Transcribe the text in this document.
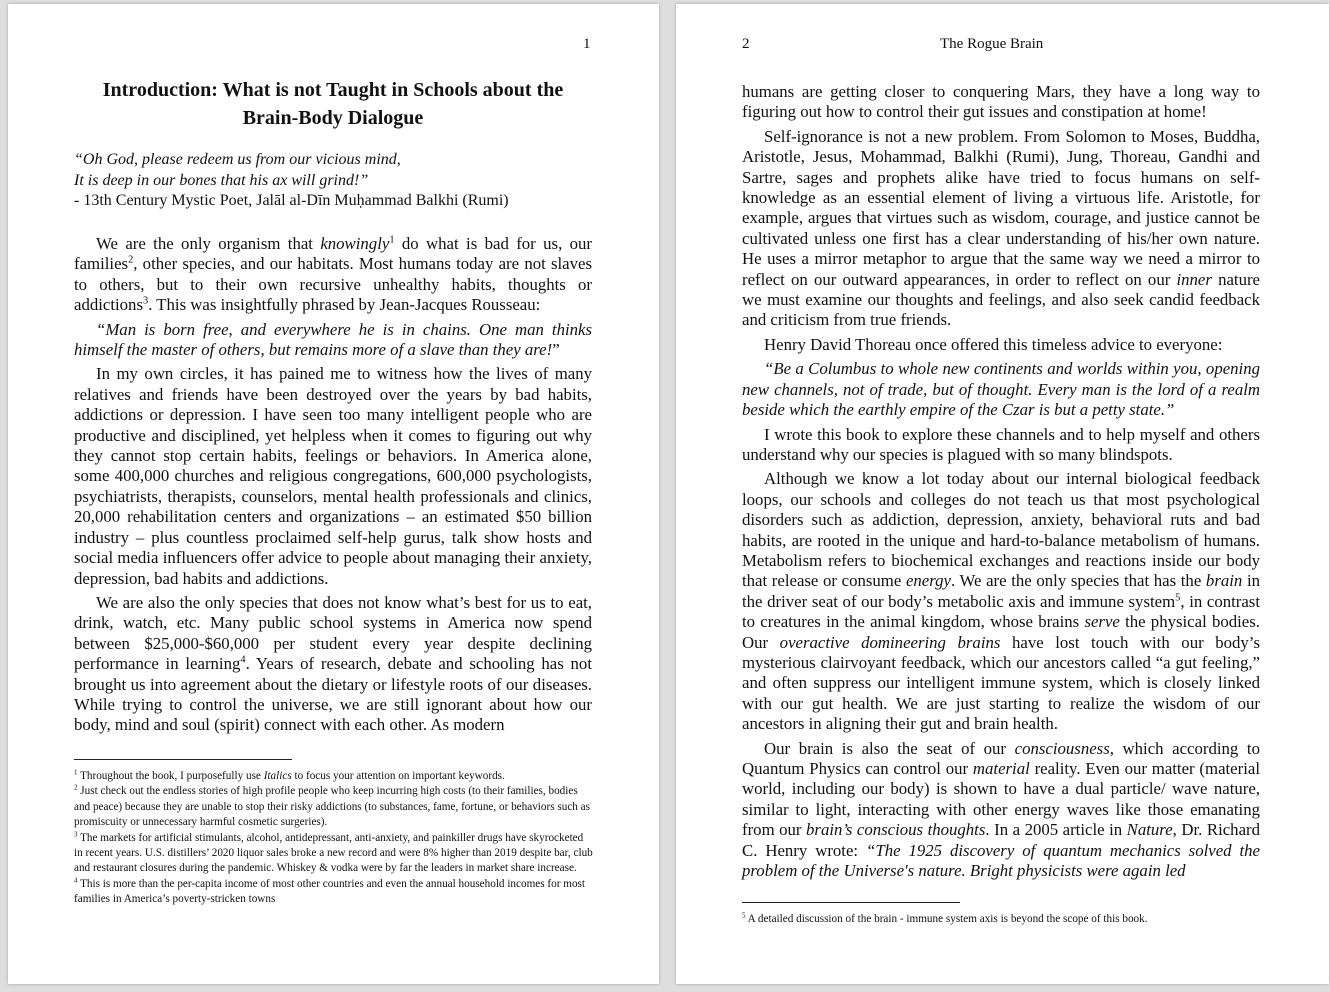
1
Introduction: What is not Taught in Schools about the
Brain-Body Dialogue
“Oh God, please redeem us from our vicious mind,
It is deep in our bones that his ax will grind!”
- 13th Century Mystic Poet, Jalāl al-Dīn Muḥammad Balkhi (Rumi)

We are the only organism that knowingly$^1$ do what is bad for us, our families$^2$, other species, and our habitats. Most humans today are not slaves to others, but to their own recursive unhealthy habits, thoughts or addictions$^3$. This was insightfully phrased by Jean-Jacques Rousseau:

“Man is born free, and everywhere he is in chains. One man thinks himself the master of others, but remains more of a slave than they are!”

In my own circles, it has pained me to witness how the lives of many relatives and friends have been destroyed over the years by bad habits, addictions or depression. I have seen too many intelligent people who are productive and disciplined, yet helpless when it comes to figuring out why they cannot stop certain habits, feelings or behaviors. In America alone, some 400,000 churches and religious congregations, 600,000 psychologists, psychiatrists, therapists, counselors, mental health professionals and clinics, 20,000 rehabilitation centers and organizations – an estimated $50 billion industry – plus countless proclaimed self-help gurus, talk show hosts and social media influencers offer advice to people about managing their anxiety, depression, bad habits and addictions.

We are also the only species that does not know what’s best for us to eat, drink, watch, etc. Many public school systems in America now spend between $25,000-$60,000 per student every year despite declining performance in learning$^4$. Years of research, debate and schooling has not brought us into agreement about the dietary or lifestyle roots of our diseases. While trying to control the universe, we are still ignorant about how our body, mind and soul (spirit) connect with each other. As modern

$^1$ Throughout the book, I purposefully use Italics to focus your attention on important keywords.

$^2$ Just check out the endless stories of high profile people who keep incurring high costs (to their families, bodies and peace) because they are unable to stop their risky addictions (to substances, fame, fortune, or behaviors such as promiscuity or unnecessary harmful cosmetic surgeries).

$^3$ The markets for artificial stimulants, alcohol, antidepressant, anti-anxiety, and painkiller drugs have skyrocketed in recent years. U.S. distillers’ 2020 liquor sales broke a new record and were 8% higher than 2019 despite bar, club and restaurant closures during the pandemic. Whiskey & vodka were by far the leaders in market share increase.

$^4$ This is more than the per-capita income of most other countries and even the annual household incomes for most families in America’s poverty-stricken towns

2	The Rogue Brain

humans are getting closer to conquering Mars, they have a long way to figuring out how to control their gut issues and constipation at home!

Self-ignorance is not a new problem. From Solomon to Moses, Buddha, Aristotle, Jesus, Mohammad, Balkhi (Rumi), Jung, Thoreau, Gandhi and Sartre, sages and prophets alike have tried to focus humans on self-knowledge as an essential element of living a virtuous life. Aristotle, for example, argues that virtues such as wisdom, courage, and justice cannot be cultivated unless one first has a clear understanding of his/her own nature. He uses a mirror metaphor to argue that the same way we need a mirror to reflect on our outward appearances, in order to reflect on our inner nature we must examine our thoughts and feelings, and also seek candid feedback and criticism from true friends.

Henry David Thoreau once offered this timeless advice to everyone:

“Be a Columbus to whole new continents and worlds within you, opening new channels, not of trade, but of thought. Every man is the lord of a realm beside which the earthly empire of the Czar is but a petty state.”

I wrote this book to explore these channels and to help myself and others understand why our species is plagued with so many blindspots.

Although we know a lot today about our internal biological feedback loops, our schools and colleges do not teach us that most psychological disorders such as addiction, depression, anxiety, behavioral ruts and bad habits, are rooted in the unique and hard-to-balance metabolism of humans. Metabolism refers to biochemical exchanges and reactions inside our body that release or consume energy. We are the only species that has the brain in the driver seat of our body’s metabolic axis and immune system$^5$, in contrast to creatures in the animal kingdom, whose brains serve the physical bodies. Our overactive domineering brains have lost touch with our body’s mysterious clairvoyant feedback, which our ancestors called “a gut feeling,” and often suppress our intelligent immune system, which is closely linked with our gut health. We are just starting to realize the wisdom of our ancestors in aligning their gut and brain health.

Our brain is also the seat of our consciousness, which according to Quantum Physics can control our material reality. Even our matter (material world, including our body) is shown to have a dual particle/ wave nature, similar to light, interacting with other energy waves like those emanating from our brain’s conscious thoughts. In a 2005 article in Nature, Dr. Richard C. Henry wrote: “The 1925 discovery of quantum mechanics solved the problem of the Universe's nature. Bright physicists were again led

$^5$ A detailed discussion of the brain - immune system axis is beyond the scope of this book.
